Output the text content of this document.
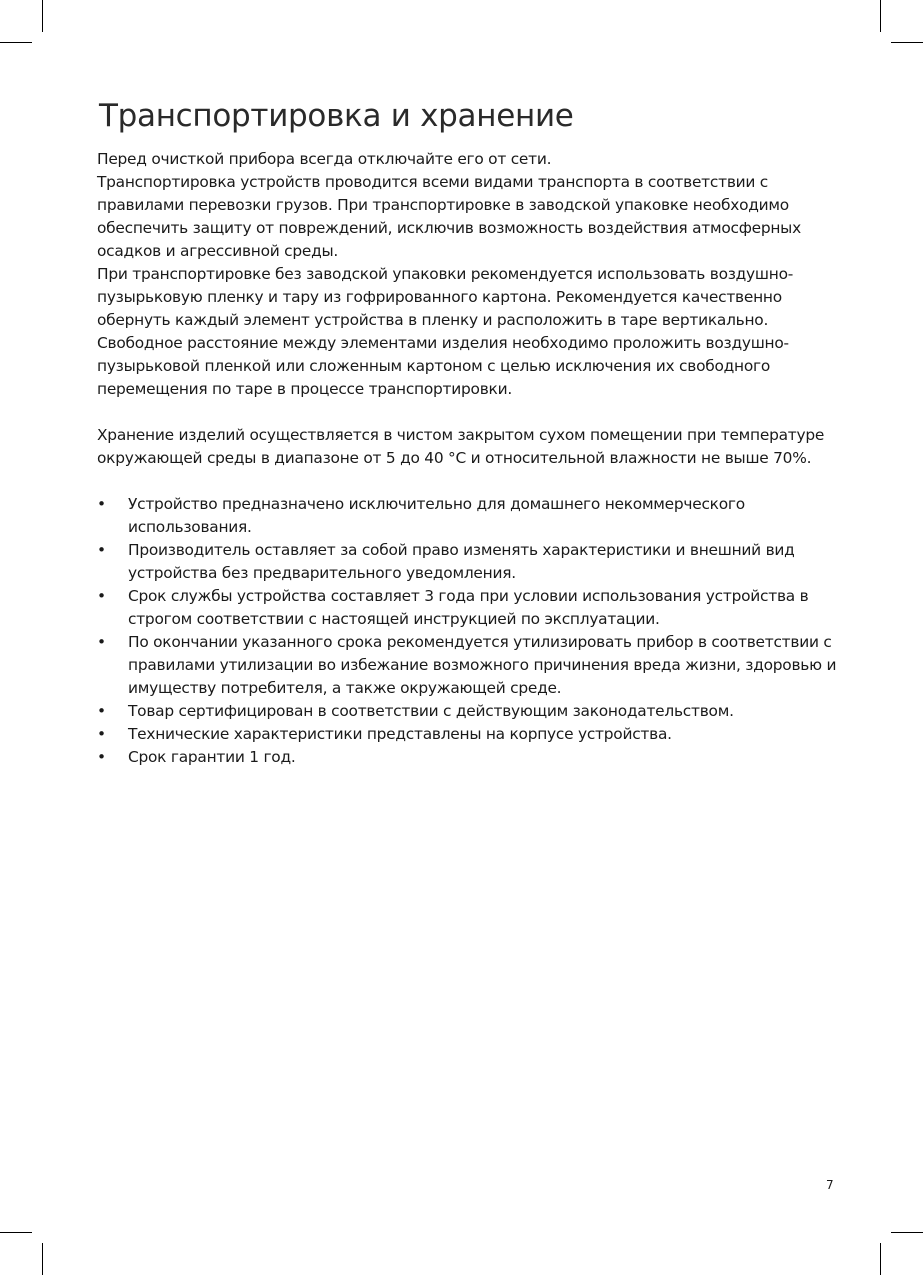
Транспортировка и хранение

Перед очисткой прибора всегда отключайте его от сети.

Транспортировка устройств проводится всеми видами транспорта в соответствии с правилами перевозки грузов. При транспортировке в заводской упаковке необходимо обеспечить защиту от повреждений, исключив возможность воздействия атмосферных осадков и агрессивной среды.

При транспортировке без заводской упаковки рекомендуется использовать воздушно-пузырьковую пленку и тару из гофрированного картона. Рекомендуется качественно обернуть каждый элемент устройства в пленку и расположить в таре вертикально. Свободное расстояние между элементами изделия необходимо проложить воздушно-пузырьковой пленкой или сложенным картоном с целью исключения их свободного перемещения по таре в процессе транспортировки.

Хранение изделий осуществляется в чистом закрытом сухом помещении при температуре окружающей среды в диапазоне от 5 до 40 °С и относительной влажности не выше 70%.

• Устройство предназначено исключительно для домашнего некоммерческого использования.
• Производитель оставляет за собой право изменять характеристики и внешний вид устройства без предварительного уведомления.
• Срок службы устройства составляет 3 года при условии использования устройства в строгом соответствии с настоящей инструкцией по эксплуатации.
• По окончании указанного срока рекомендуется утилизировать прибор в соответствии с правилами утилизации во избежание возможного причинения вреда жизни, здоровью и имуществу потребителя, а также окружающей среде.
• Товар сертифицирован в соответствии с действующим законодательством.
• Технические характеристики представлены на корпусе устройства.
• Срок гарантии 1 год.
7
